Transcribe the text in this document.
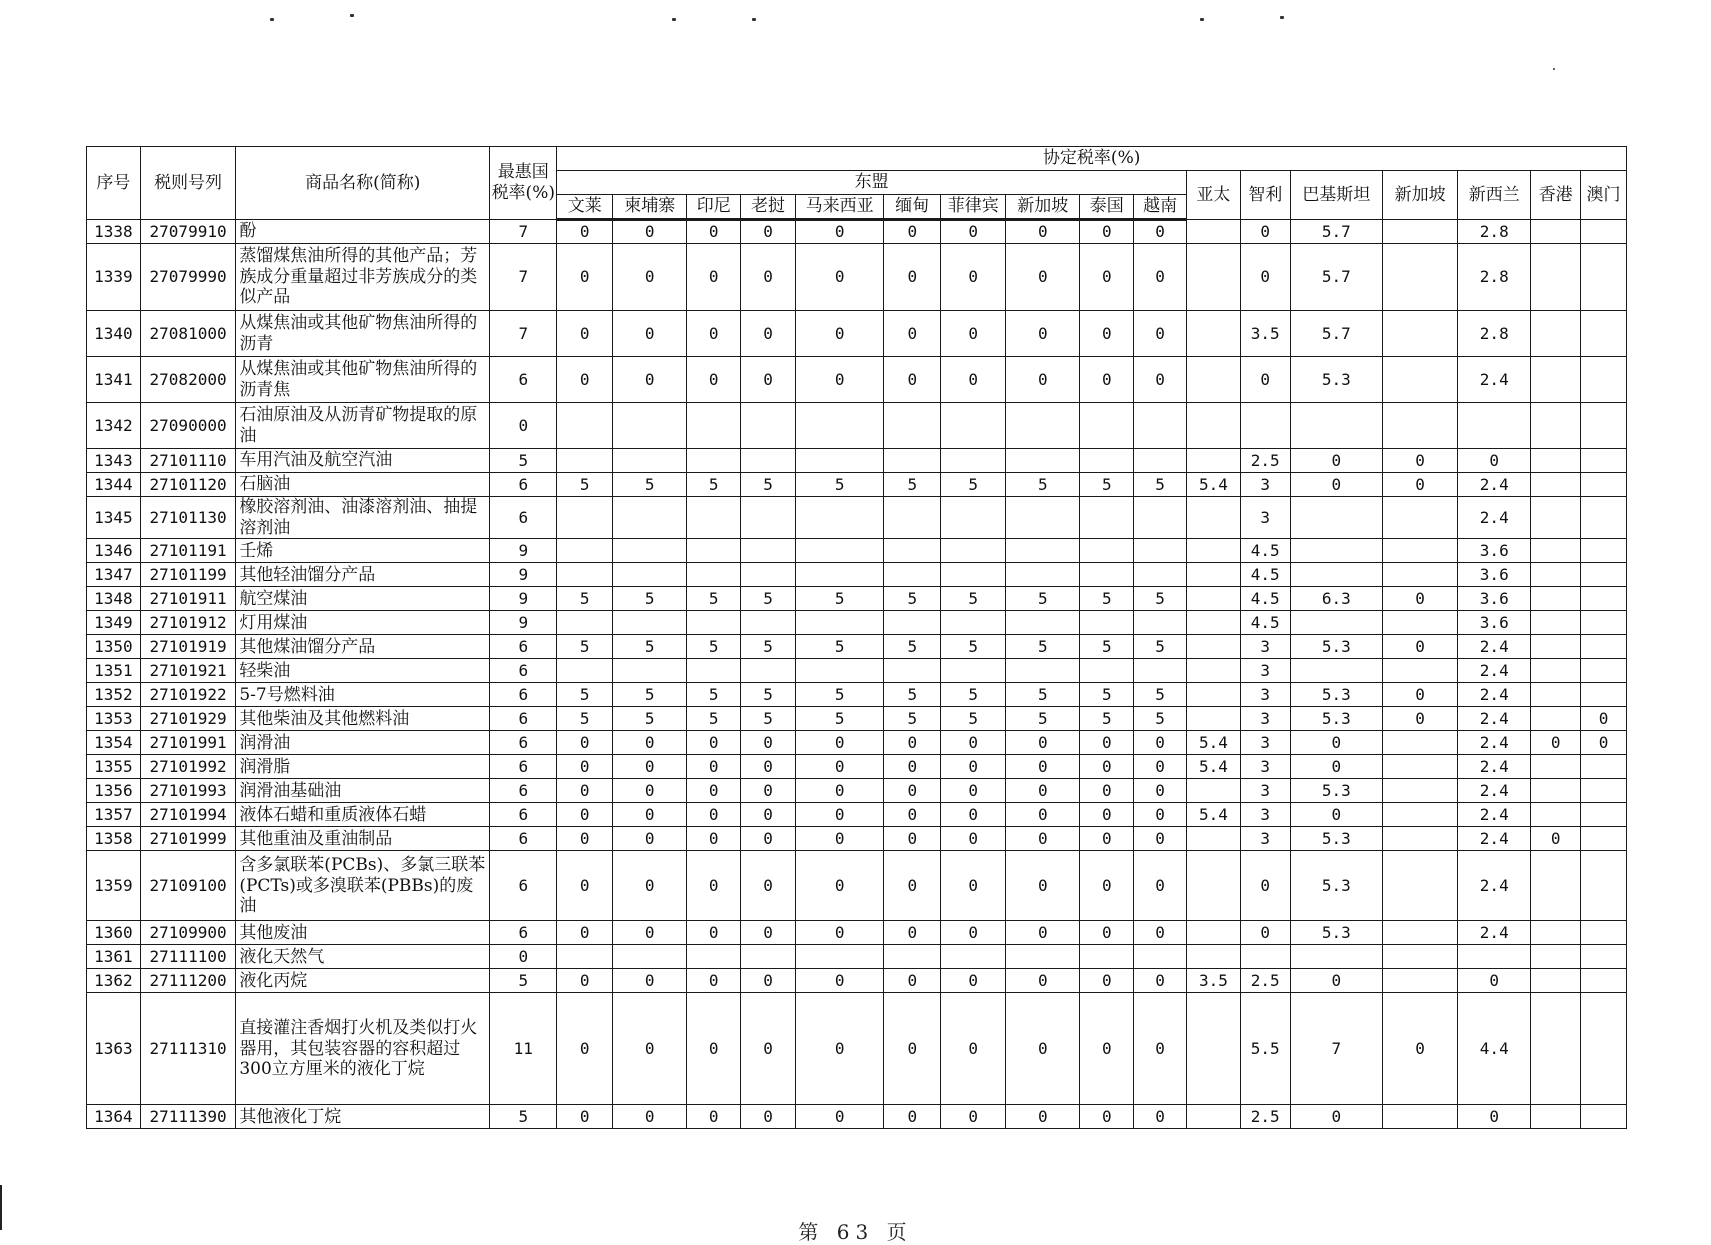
序号	税则号列	商品名称(简称)	最惠国税率(%)	协定税率(%)																
				东盟										亚太	智利	巴基斯坦	新加坡	新西兰	香港	澳门
				文莱	柬埔寨	印尼	老挝	马来西亚	缅甸	菲律宾	新加坡	泰国	越南							
1338	27079910	酚	7	0	0	0	0	0	0	0	0	0	0		0	5.7		2.8		
1339	27079990	蒸馏煤焦油所得的其他产品；芳族成分重量超过非芳族成分的类似产品	7	0	0	0	0	0	0	0	0	0	0		0	5.7		2.8		
1340	27081000	从煤焦油或其他矿物焦油所得的沥青	7	0	0	0	0	0	0	0	0	0	0		3.5	5.7		2.8		
1341	27082000	从煤焦油或其他矿物焦油所得的沥青焦	6	0	0	0	0	0	0	0	0	0	0		0	5.3		2.4		
1342	27090000	石油原油及从沥青矿物提取的原油	0																	
1343	27101110	车用汽油及航空汽油	5												2.5	0	0	0		
1344	27101120	石脑油	6	5	5	5	5	5	5	5	5	5	5	5.4	3	0	0	2.4		
1345	27101130	橡胶溶剂油、油漆溶剂油、抽提溶剂油	6												3			2.4		
1346	27101191	壬烯	9												4.5			3.6		
1347	27101199	其他轻油馏分产品	9												4.5			3.6		
1348	27101911	航空煤油	9	5	5	5	5	5	5	5	5	5	5		4.5	6.3	0	3.6		
1349	27101912	灯用煤油	9												4.5			3.6		
1350	27101919	其他煤油馏分产品	6	5	5	5	5	5	5	5	5	5	5		3	5.3	0	2.4		
1351	27101921	轻柴油	6												3			2.4		
1352	27101922	5-7号燃料油	6	5	5	5	5	5	5	5	5	5	5		3	5.3	0	2.4		
1353	27101929	其他柴油及其他燃料油	6	5	5	5	5	5	5	5	5	5	5		3	5.3	0	2.4		0
1354	27101991	润滑油	6	0	0	0	0	0	0	0	0	0	0	5.4	3	0		2.4	0	0
1355	27101992	润滑脂	6	0	0	0	0	0	0	0	0	0	0	5.4	3	0		2.4		
1356	27101993	润滑油基础油	6	0	0	0	0	0	0	0	0	0	0		3	5.3		2.4		
1357	27101994	液体石蜡和重质液体石蜡	6	0	0	0	0	0	0	0	0	0	0	5.4	3	0		2.4		
1358	27101999	其他重油及重油制品	6	0	0	0	0	0	0	0	0	0	0		3	5.3		2.4	0	
1359	27109100	含多氯联苯(PCBs)、多氯三联苯(PCTs)或多溴联苯(PBBs)的废油	6	0	0	0	0	0	0	0	0	0	0		0	5.3		2.4		
1360	27109900	其他废油	6	0	0	0	0	0	0	0	0	0	0		0	5.3		2.4		
1361	27111100	液化天然气	0																	
1362	27111200	液化丙烷	5	0	0	0	0	0	0	0	0	0	0	3.5	2.5	0		0		
1363	27111310	直接灌注香烟打火机及类似打火器用，其包装容器的容积超过300立方厘米的液化丁烷	11	0	0	0	0	0	0	0	0	0	0		5.5	7	0	4.4		
1364	27111390	其他液化丁烷	5	0	0	0	0	0	0	0	0	0	0		2.5	0		0		
第 63 页
